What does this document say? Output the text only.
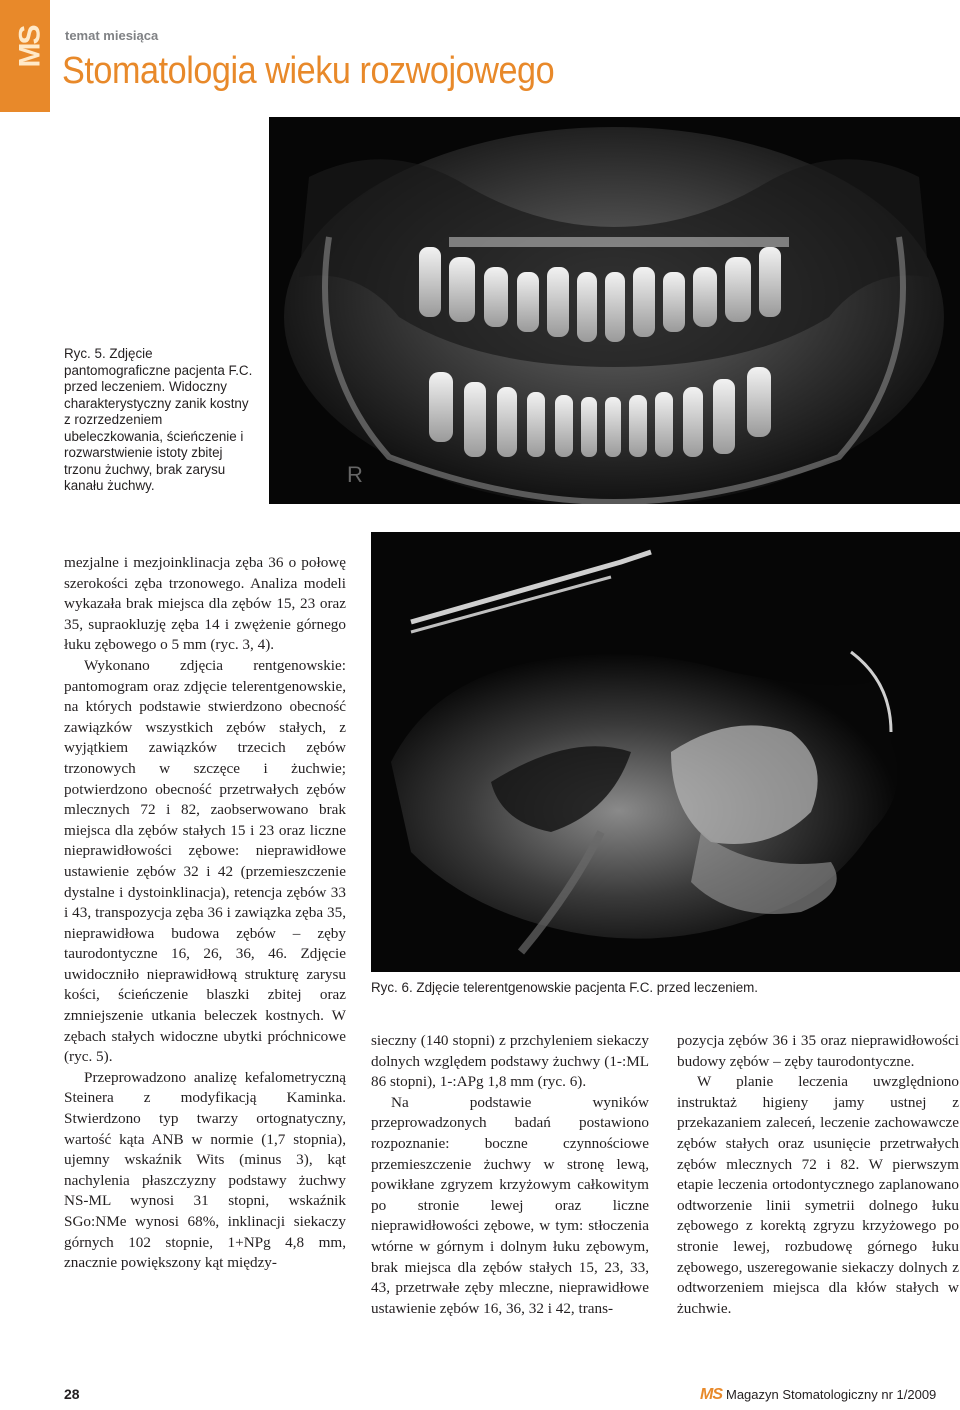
MS temat miesiąca
Stomatologia wieku rozwojowego
Ryc. 5. Zdjęcie pantomograficzne pacjenta F.C. przed leczeniem. Widoczny charakterystyczny zanik kostny z rozrzedzeniem ubeleczkowania, ścieńczenie i rozwarstwienie istoty zbitej trzonu żuchwy, brak zarysu kanału żuchwy.	R
Ryc. 6. Zdjęcie telerentgenowskie pacjenta F.C. przed leczeniem.

mezjalne i mezjoinklinacja zęba 36 o połowę szerokości zęba trzonowego. Analiza modeli wykazała brak miejsca dla zębów 15, 23 oraz 35, supraokluzję zęba 14 i zwężenie górnego łuku zębowego o 5 mm (ryc. 3, 4).

Wykonano zdjęcia rentgenowskie: pantomogram oraz zdjęcie telerentgenowskie, na których podstawie stwierdzono obecność zawiązków wszystkich zębów stałych, z wyjątkiem zawiązków trzecich zębów trzonowych w szczęce i żuchwie; potwierdzono obecność przetrwałych zębów mlecznych 72 i 82, zaobserwowano brak miejsca dla zębów stałych 15 i 23 oraz liczne nieprawidłowości zębowe: nieprawidłowe ustawienie zębów 32 i 42 (przemieszczenie dystalne i dystoinklinacja), retencja zębów 33 i 43, transpozycja zęba 36 i zawiązka zęba 35, nieprawidłowa budowa zębów – zęby taurodontyczne 16, 26, 36, 46. Zdjęcie uwidoczniło nieprawidłową strukturę zarysu kości, ścieńczenie blaszki zbitej oraz zmniejszenie utkania beleczek kostnych. W zębach stałych widoczne ubytki próchnicowe (ryc. 5).

Przeprowadzono analizę kefalometryczną Steinera z modyfikacją Kaminka. Stwierdzono typ twarzy ortognatyczny, wartość kąta ANB w normie (1,7 stopnia), ujemny wskaźnik Wits (minus 3), kąt nachylenia płaszczyzny podstawy żuchwy NS-ML wynosi 31 stopni, wskaźnik SGo:NMe wynosi 68%, inklinacji siekaczy górnych 102 stopnie, 1+NPg 4,8 mm, znacznie powiększony kąt między-

sieczny (140 stopni) z przchyleniem siekaczy dolnych względem podstawy żuchwy (1-:ML 86 stopni), 1-:APg 1,8 mm (ryc. 6).

Na podstawie wyników przeprowadzonych badań postawiono rozpoznanie: boczne czynnościowe przemieszczenie żuchwy w stronę lewą, powikłane zgryzem krzyżowym całkowitym po stronie lewej oraz liczne nieprawidłowości zębowe, w tym: stłoczenia wtórne w górnym i dolnym łuku zębowym, brak miejsca dla zębów stałych 15, 23, 33, 43, przetrwałe zęby mleczne, nieprawidłowe ustawienie zębów 16, 36, 32 i 42, trans-

pozycja zębów 36 i 35 oraz nieprawidłowości budowy zębów – zęby taurodontyczne.

W planie leczenia uwzględniono instruktaż higieny jamy ustnej z przekazaniem zaleceń, leczenie zachowawcze zębów stałych oraz usunięcie przetrwałych zębów mlecznych 72 i 82. W pierwszym etapie leczenia ortodontycznego zaplanowano odtworzenie linii symetrii dolnego łuku zębowego z korektą zgryzu krzyżowego po stronie lewej, rozbudowę górnego łuku zębowego, uszeregowanie siekaczy dolnych z odtworzeniem miejsca dla kłów stałych w żuchwie.

28	MS Magazyn Stomatologiczny nr 1/2009
